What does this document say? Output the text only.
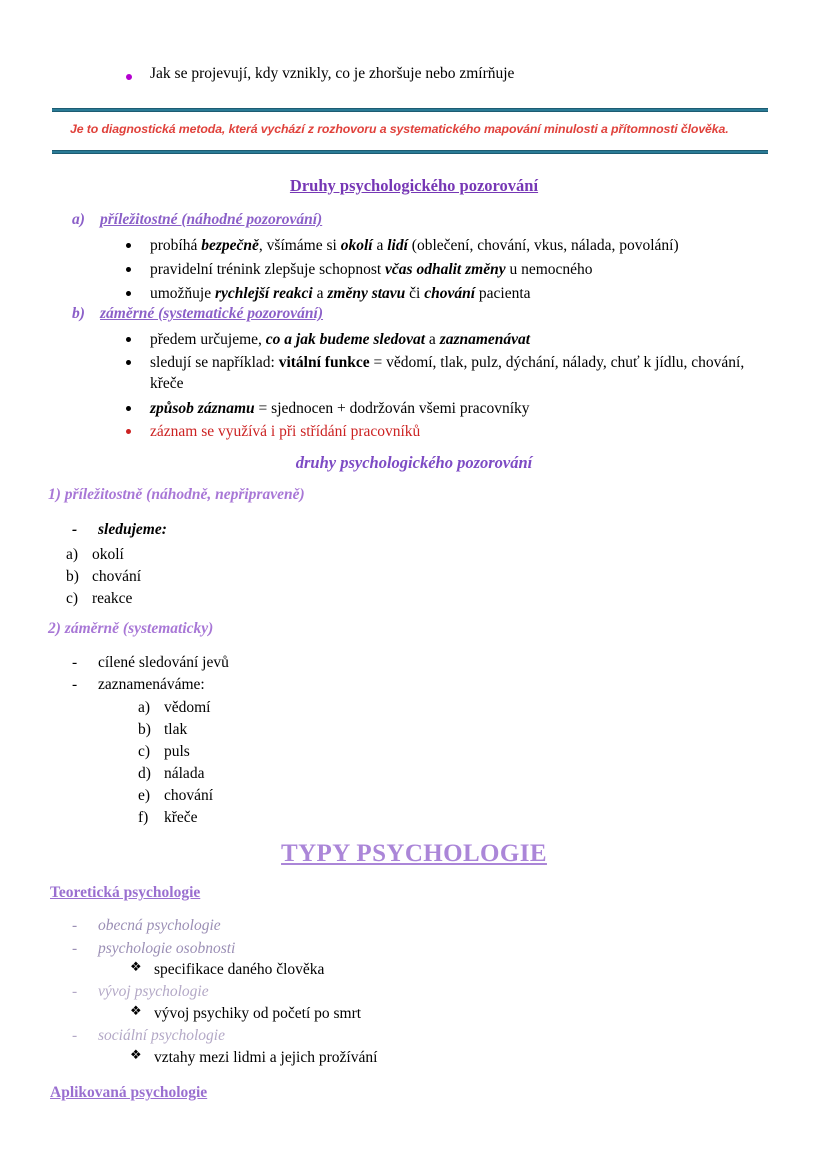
Jak se projevují, kdy vznikly, co je zhoršuje nebo zmírňuje
Je to diagnostická metoda, která vychází z rozhovoru a systematického mapování minulosti a přítomnosti člověka.
Druhy psychologického pozorování
a) příležitostné (náhodné pozorování)
probíhá bezpečně, všímáme si okolí a lidí (oblečení, chování, vkus, nálada, povolání)
pravidelní trénink zlepšuje schopnost včas odhalit změny u nemocného
umožňuje rychlejší reakci a změny stavu či chování pacienta
b) záměrné (systematické pozorování)
předem určujeme, co a jak budeme sledovat a zaznamenávat
sledují se například: vitální funkce = vědomí, tlak, pulz, dýchání, nálady, chuť k jídlu, chování, křeče
způsob záznamu = sjednocen + dodržován všemi pracovníky
záznam se využívá i při střídání pracovníků
druhy psychologického pozorování
1) příležitostně (náhodně, nepřipraveně)
- sledujeme:
a) okolí
b) chování
c) reakce
2) záměrně (systematicky)
- cílené sledování jevů
- zaznamenáváme:
a) vědomí
b) tlak
c) puls
d) nálada
e) chování
f) křeče
TYPY PSYCHOLOGIE
Teoretická psychologie
- obecná psychologie
- psychologie osobnosti
❖ specifikace daného člověka
- vývoj psychologie
❖ vývoj psychiky od početí po smrt
- sociální psychologie
❖ vztahy mezi lidmi a jejich prožívání
Aplikovaná psychologie
